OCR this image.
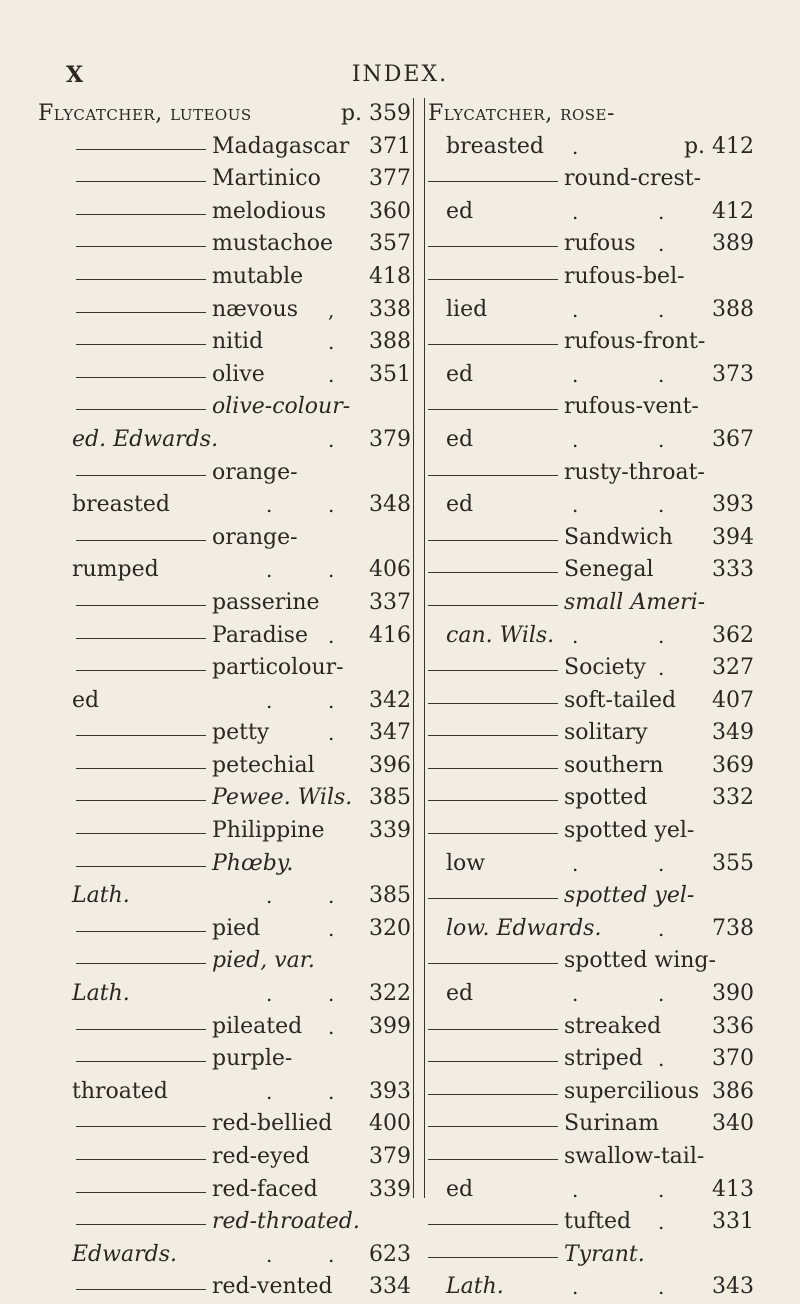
X	INDEX.
Flycatcher, luteous	p. 359
Madagascar 371
Martinico 377
melodious 360
mustachoe 357
mutable	418
nævous , 338
nitid	. 388
olive	. 351
olive-colour-
ed. Edwards.	. 379
orange-
breasted	.	. 348
orange-
rumped	.	. 406
passerine 337
Paradise . 416
particolour-
ed	.	. 342
petty	. 347
petechial 396
Pewee. Wils. 385
Philippine 339
Phœby.
Lath.	.	. 385
pied	. 320
pied, var.
Lath.	.	. 322
pileated . 399
purple-
throated	.	. 393
red-bellied 400
red-eyed	379
red-faced 339
red-throated.
Edwards.	.	. 623
red-vented 334
Flycatcher, rose-
breasted .	p. 412
round-crest-
ed	.	. 412
rufous . 389
rufous-bel-
lied	.	. 388
rufous-front-
ed	.	. 373
rufous-vent-
ed	.	. 367
rusty-throat-
ed	.	. 393
Sandwich 394
Senegal	333
small Ameri-
can. Wils. .	. 362
Society . 327
soft-tailed 407
solitary	349
southern 369
spotted	332
spotted yel-
low	.	. 355
spotted yel-
low. Edwards.	. 738
spotted wing-
ed	.	. 390
streaked 336
striped . 370
supercilious 386
Surinam 340
swallow-tail-
ed	.	. 413
tufted . 331
Tyrant.
Lath.	.	. 343
